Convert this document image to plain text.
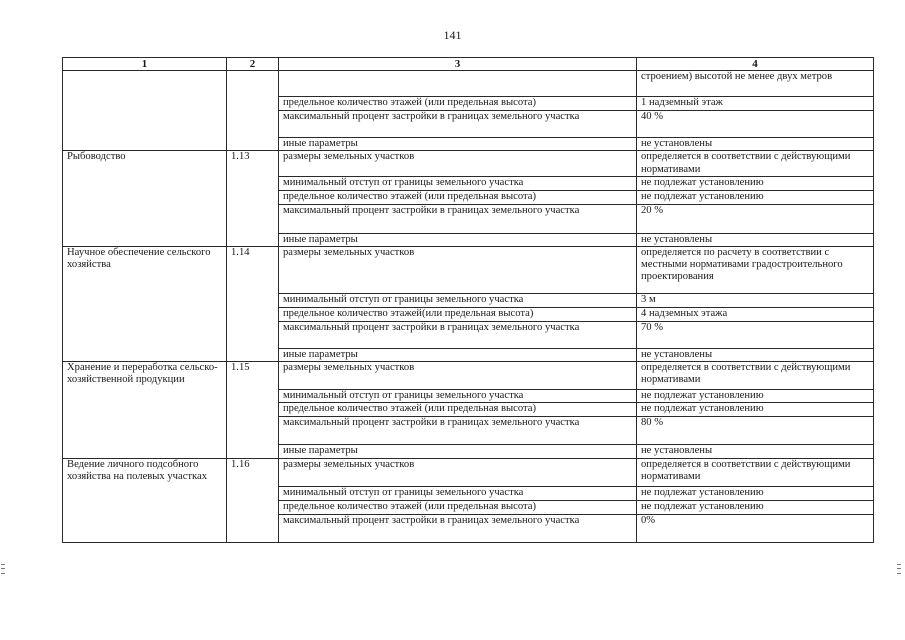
141
1	2	3	4
			строением) высотой не менее двух метров
		предельное количество этажей (или предельная высота)	1 надземный этаж
		максимальный процент застройки в границах земельного участка	40 %
		иные параметры	не установлены
Рыбоводство	1.13	размеры земельных участков	определяется в соответствии с действующими нормативами
		минимальный отступ от границы земельного участка	не подлежат установлению
		предельное количество этажей (или предельная высота)	не подлежат установлению
		максимальный процент застройки в границах земельного участка	20 %
		иные параметры	не установлены
Научное обеспечение сельского хозяйства	1.14	размеры земельных участков	определяется по расчету в соответствии с местными нормативами градостроительного проектирования
		минимальный отступ от границы земельного участка	3 м
		предельное количество этажей(или предельная высота)	4 надземных этажа
		максимальный процент застройки в границах земельного участка	70 %
		иные параметры	не установлены
Хранение и переработка сельско-хозяйственной продукции	1.15	размеры земельных участков	определяется в соответствии с действующими нормативами
		минимальный отступ от границы земельного участка	не подлежат установлению
		предельное количество этажей (или предельная высота)	не подлежат установлению
		максимальный процент застройки в границах земельного участка	80 %
		иные параметры	не установлены
Ведение личного подсобного хозяйства на полевых участках	1.16	размеры земельных участков	определяется в соответствии с действующими нормативами
		минимальный отступ от границы земельного участка	не подлежат установлению
		предельное количество этажей (или предельная высота)	не подлежат установлению
		максимальный процент застройки в границах земельного участка	0%
